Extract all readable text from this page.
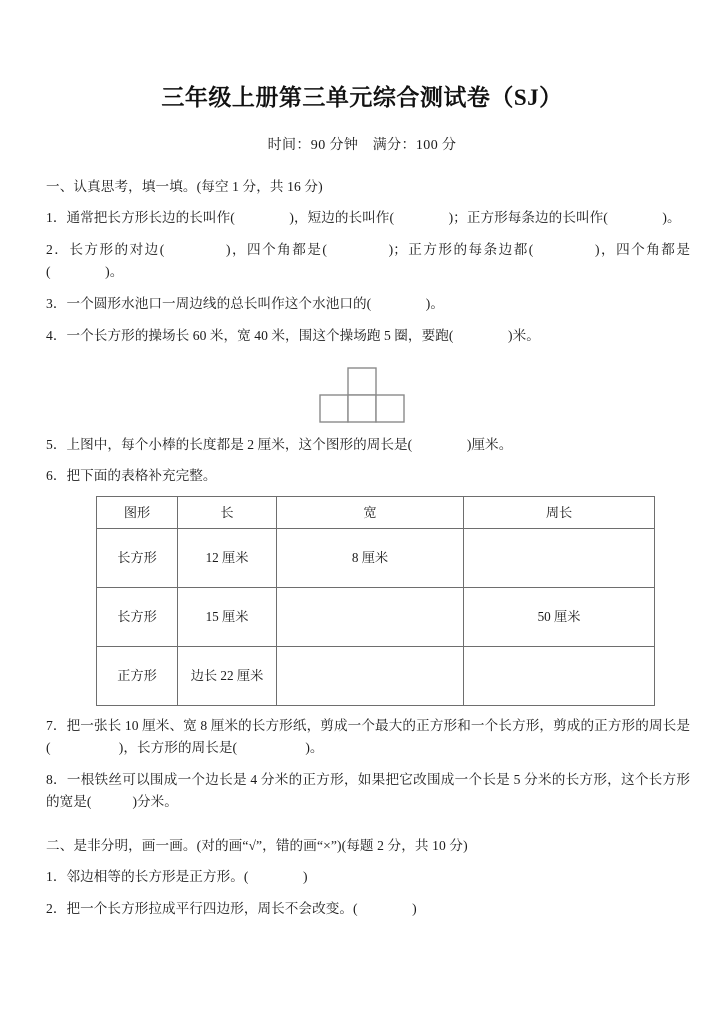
三年级上册第三单元综合测试卷（SJ）

时间：90 分钟　满分：100 分

一、认真思考，填一填。(每空 1 分，共 16 分)

1．通常把长方形长边的长叫作(　　　　)，短边的长叫作(　　　　)；正方形每条边的长叫作(　　　　)。

2．长方形的对边(　　　　)，四个角都是(　　　　)；正方形的每条边都(　　　　)，四个角都是(　　　　)。

3．一个圆形水池口一周边线的总长叫作这个水池口的(　　　　)。

4．一个长方形的操场长 60 米，宽 40 米，围这个操场跑 5 圈，要跑(　　　　)米。

5．上图中，每个小棒的长度都是 2 厘米，这个图形的周长是(　　　　)厘米。

6．把下面的表格补充完整。

图形	长	宽	周长
长方形	12 厘米	8 厘米	
长方形	15 厘米		50 厘米
正方形	边长 22 厘米		

7．把一张长 10 厘米、宽 8 厘米的长方形纸，剪成一个最大的正方形和一个长方形，剪成的正方形的周长是(　　　　　)，长方形的周长是(　　　　　)。

8．一根铁丝可以围成一个边长是 4 分米的正方形，如果把它改围成一个长是 5 分米的长方形，这个长方形的宽是(　　　)分米。

二、是非分明，画一画。(对的画“√”，错的画“×”)(每题 2 分，共 10 分)

1．邻边相等的长方形是正方形。(　　　　)

2．把一个长方形拉成平行四边形，周长不会改变。(　　　　)
